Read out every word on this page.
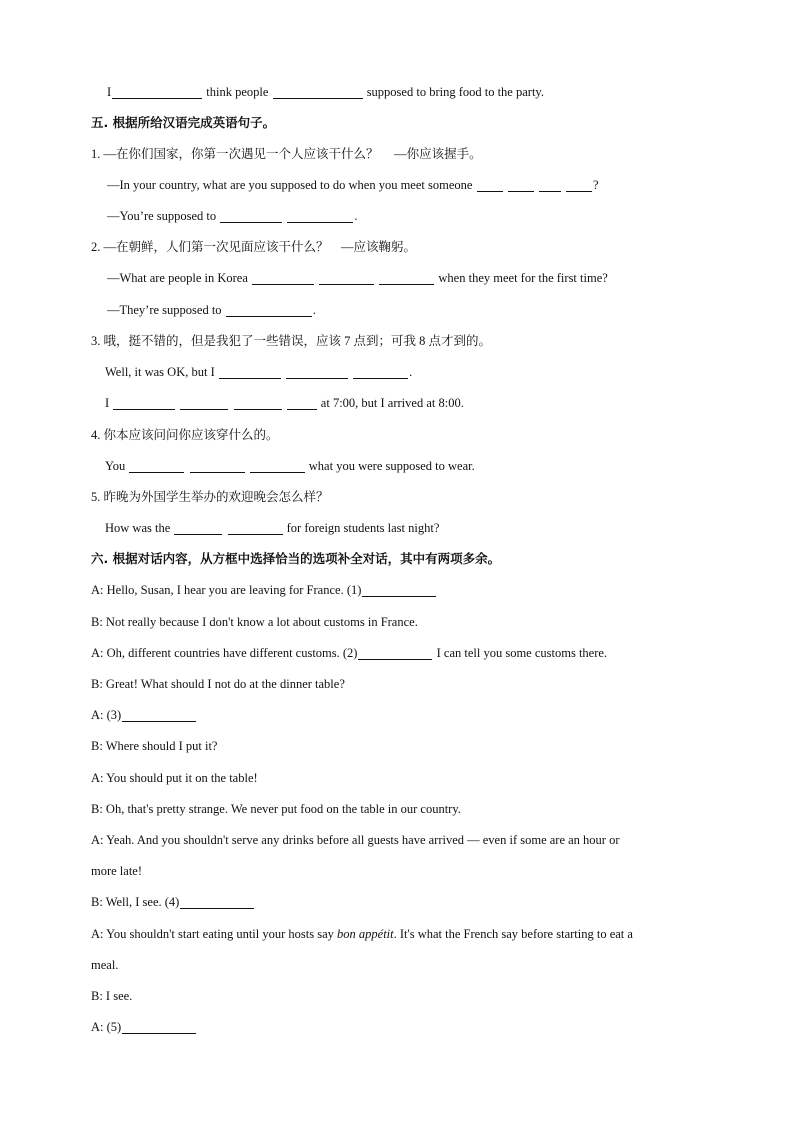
I	think people	supposed to bring food to the party.
五. 根据所给汉语完成英语句子。
1. —在你们国家，你第一次遇见一个人应该干什么？　 —你应该握手。
—In your country, what are you supposed to do when you meet someone	?
—You’re supposed to	.
2. —在朝鲜，人们第一次见面应该干什么？　—应该鞠躬。
—What are people in Korea	when they meet for the first time?
—They’re supposed to	.
3. 哦，挺不错的，但是我犯了一些错误，应该 7 点到；可我 8 点才到的。
Well, it was OK, but I	.
I	at 7:00, but I arrived at 8:00.
4. 你本应该问问你应该穿什么的。
You	what you were supposed to wear.
5. 昨晚为外国学生举办的欢迎晚会怎么样？
How was the	for foreign students last night?
六. 根据对话内容，从方框中选择恰当的选项补全对话，其中有两项多余。
A: Hello, Susan, I hear you are leaving for France. (1)
B: Not really because I don't know a lot about customs in France.
A: Oh, different countries have different customs. (2)	I can tell you some customs there.
B: Great! What should I not do at the dinner table?
A: (3)
B: Where should I put it?
A: You should put it on the table!
B: Oh, that's pretty strange. We never put food on the table in our country.
A: Yeah. And you shouldn't serve any drinks before all guests have arrived — even if some are an hour or
more late!
B: Well, I see. (4)
A: You shouldn't start eating until your hosts say bon appétit. It's what the French say before starting to eat a
meal.
B: I see.
A: (5)
